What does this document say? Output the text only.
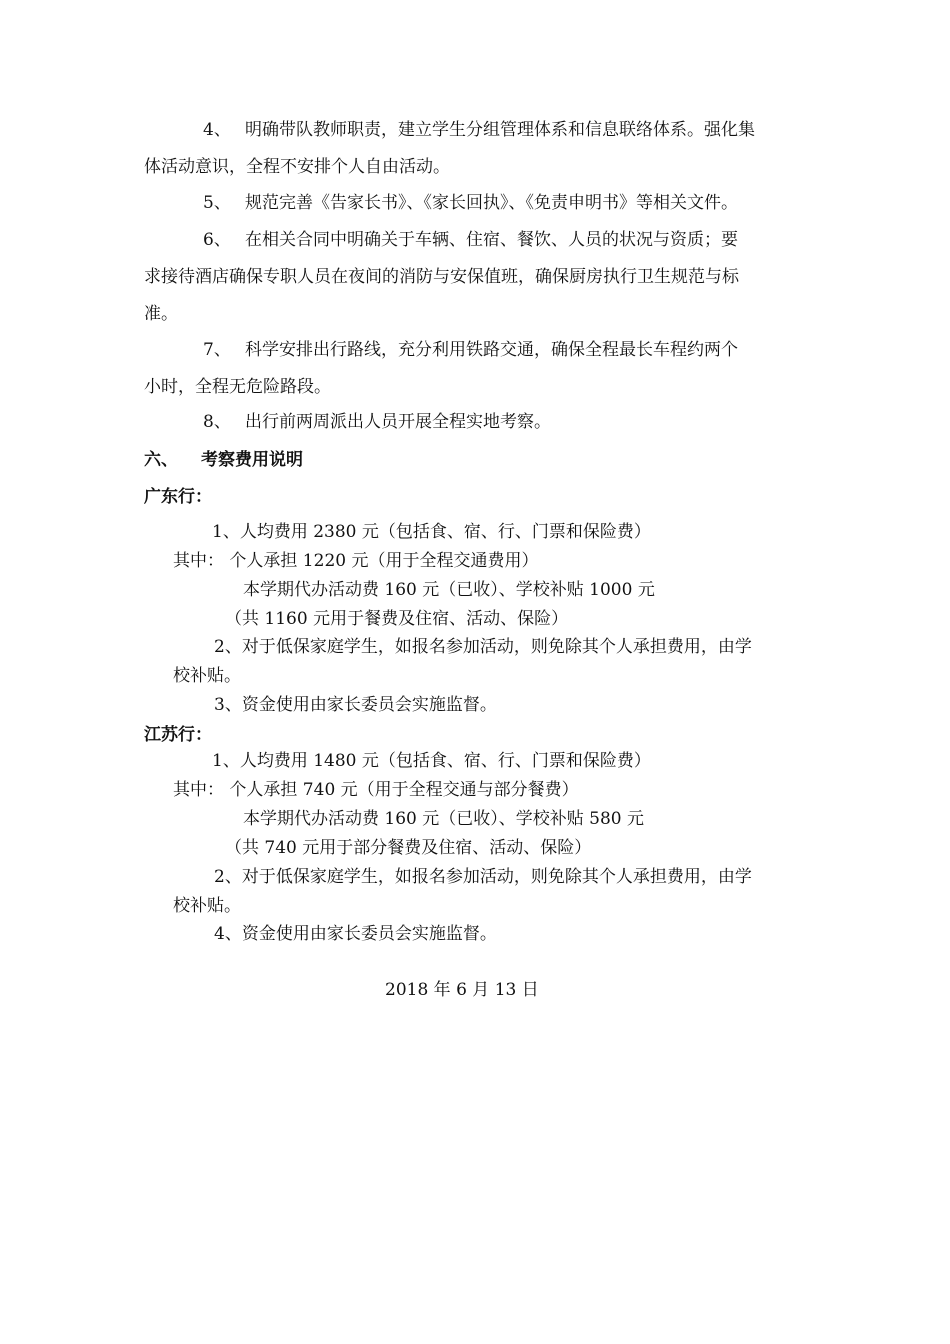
4、 明确带队教师职责，建立学生分组管理体系和信息联络体系。强化集
体活动意识，全程不安排个人自由活动。
5、 规范完善《告家长书》、《家长回执》、《免责申明书》等相关文件。
6、 在相关合同中明确关于车辆、住宿、餐饮、人员的状况与资质；要
求接待酒店确保专职人员在夜间的消防与安保值班，确保厨房执行卫生规范与标
准。
7、 科学安排出行路线，充分利用铁路交通，确保全程最长车程约两个
小时，全程无危险路段。
8、 出行前两周派出人员开展全程实地考察。
六、 考察费用说明
广东行：
1、人均费用 2380 元（包括食、宿、行、门票和保险费）
其中： 个人承担 1220 元（用于全程交通费用）
本学期代办活动费 160 元（已收）、学校补贴 1000 元
（共 1160 元用于餐费及住宿、活动、保险）
2、对于低保家庭学生，如报名参加活动，则免除其个人承担费用，由学
校补贴。
3、资金使用由家长委员会实施监督。
江苏行：
1、人均费用 1480 元（包括食、宿、行、门票和保险费）
其中： 个人承担 740 元（用于全程交通与部分餐费）
本学期代办活动费 160 元（已收）、学校补贴 580 元
（共 740 元用于部分餐费及住宿、活动、保险）
2、对于低保家庭学生，如报名参加活动，则免除其个人承担费用，由学
校补贴。
4、资金使用由家长委员会实施监督。
2018 年 6 月 13 日
